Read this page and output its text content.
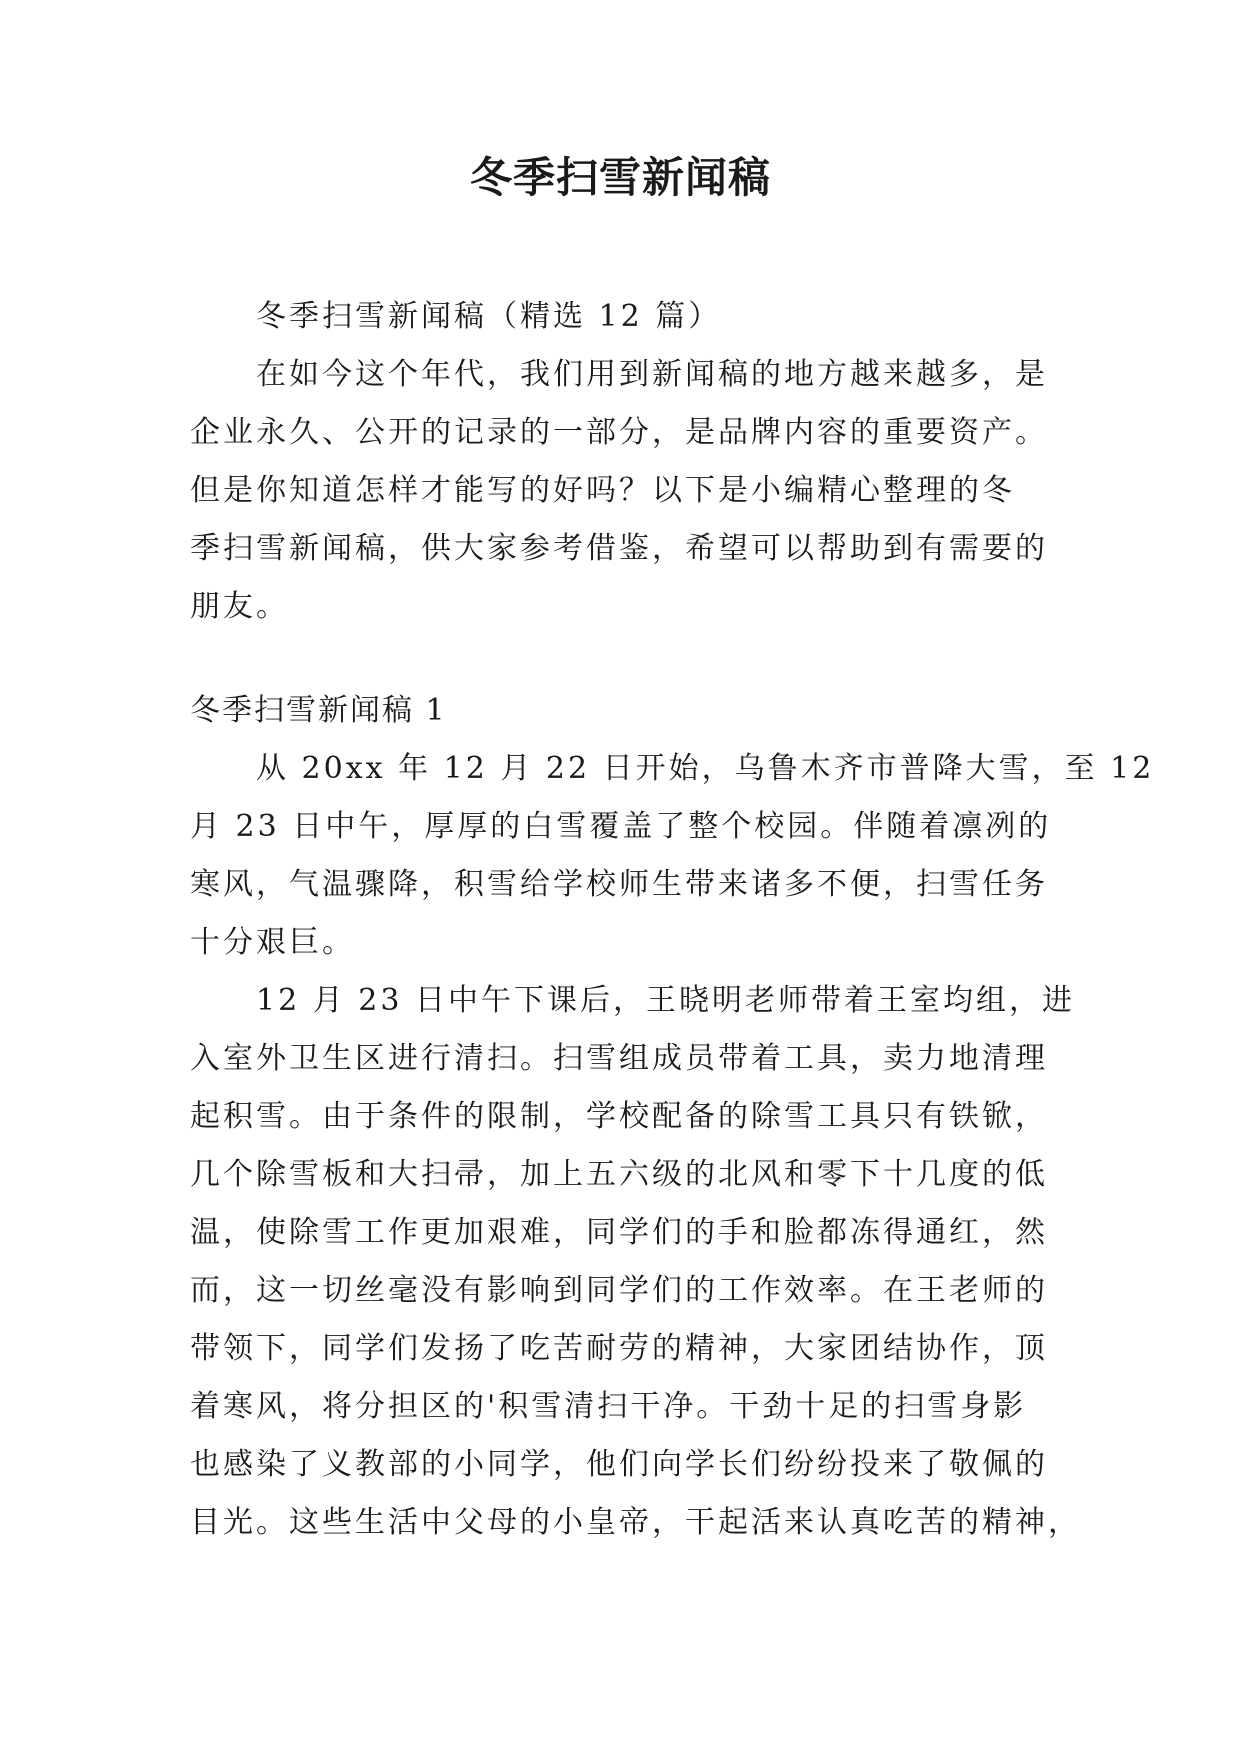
冬季扫雪新闻稿

冬季扫雪新闻稿（精选 12 篇）

在如今这个年代，我们用到新闻稿的地方越来越多，是

企业永久、公开的记录的一部分，是品牌内容的重要资产。

但是你知道怎样才能写的好吗？以下是小编精心整理的冬

季扫雪新闻稿，供大家参考借鉴，希望可以帮助到有需要的

朋友。

冬季扫雪新闻稿 1

从 20xx 年 12 月 22 日开始，乌鲁木齐市普降大雪，至 12

月 23 日中午，厚厚的白雪覆盖了整个校园。伴随着凛冽的

寒风，气温骤降，积雪给学校师生带来诸多不便，扫雪任务

十分艰巨。

12 月 23 日中午下课后，王晓明老师带着王室均组，进

入室外卫生区进行清扫。扫雪组成员带着工具，卖力地清理

起积雪。由于条件的限制，学校配备的除雪工具只有铁锨，

几个除雪板和大扫帚，加上五六级的北风和零下十几度的低

温，使除雪工作更加艰难，同学们的手和脸都冻得通红，然

而，这一切丝毫没有影响到同学们的工作效率。在王老师的

带领下，同学们发扬了吃苦耐劳的精神，大家团结协作，顶

着寒风，将分担区的'积雪清扫干净。干劲十足的扫雪身影

也感染了义教部的小同学，他们向学长们纷纷投来了敬佩的

目光。这些生活中父母的小皇帝，干起活来认真吃苦的精神，
